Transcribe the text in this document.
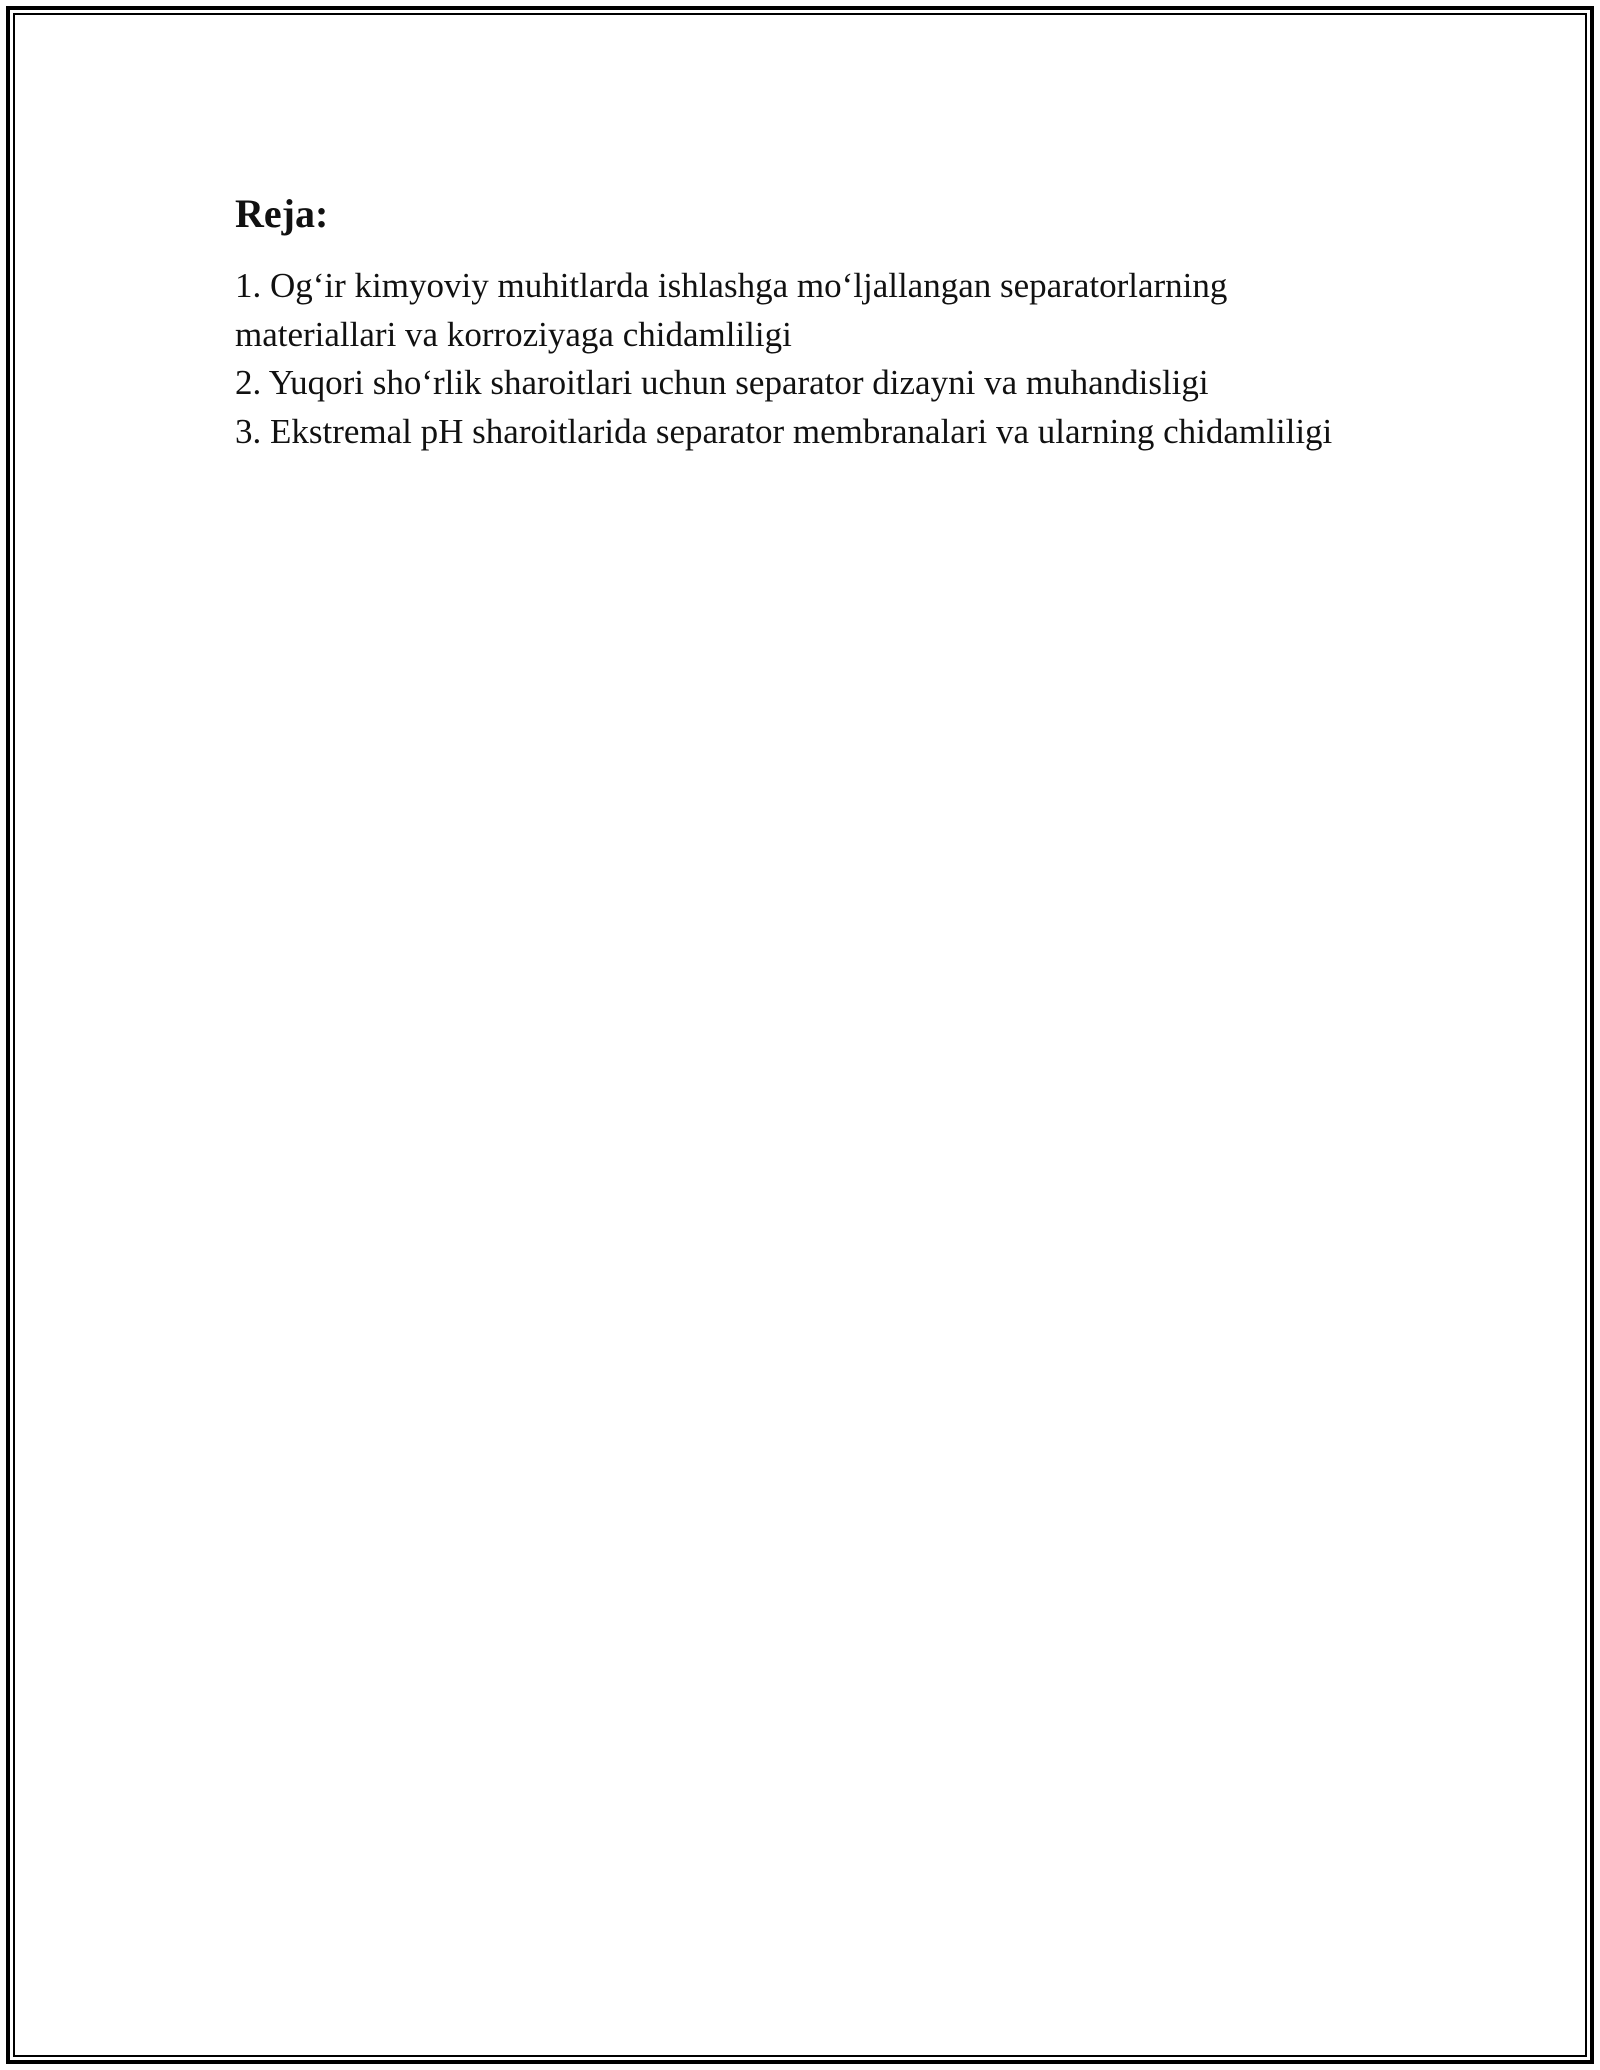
Reja:
1. Og‘ir kimyoviy muhitlarda ishlashga mo‘ljallangan separatorlarning materiallari va korroziyaga chidamliligi
2. Yuqori sho‘rlik sharoitlari uchun separator dizayni va muhandisligi
3. Ekstremal pH sharoitlarida separator membranalari va ularning chidamliligi
